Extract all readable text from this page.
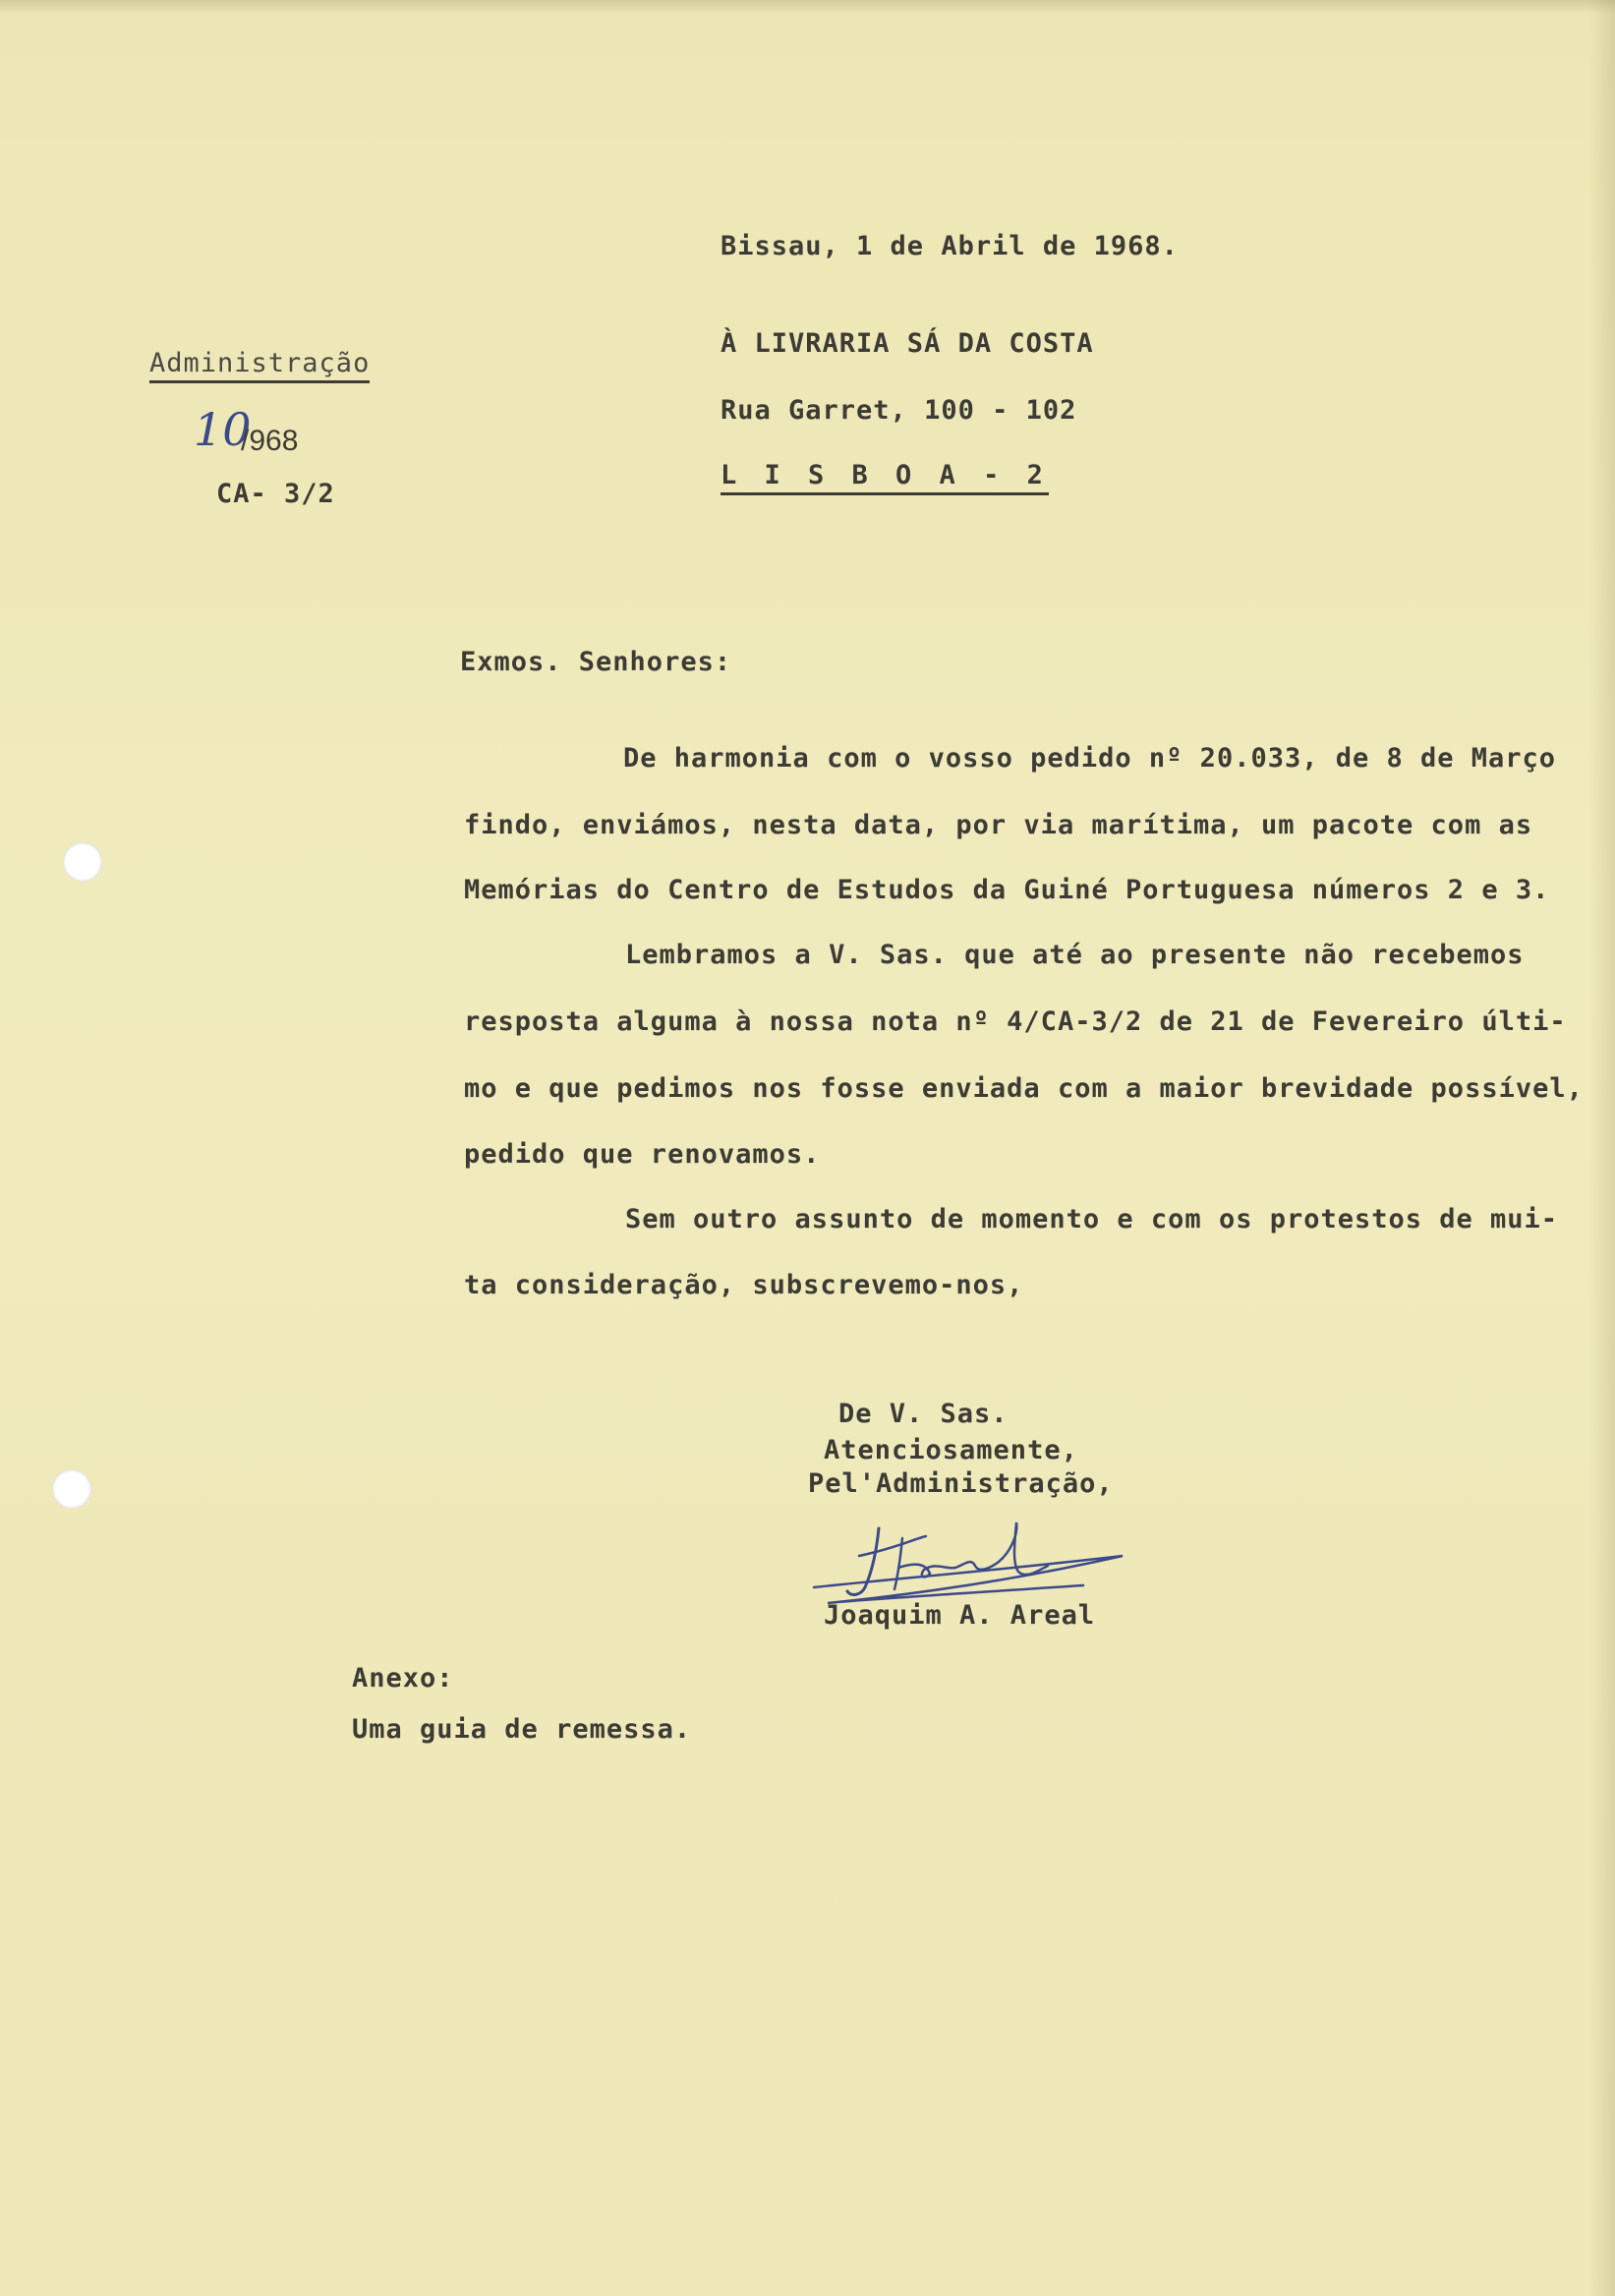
Bissau, 1 de Abril de 1968.
À LIVRARIA SÁ DA COSTA
Rua Garret, 100 - 102
L I S B O A - 2
Administração
10
/968
CA- 3/2
Exmos. Senhores:
De harmonia com o vosso pedido nº 20.033, de 8 de Março
findo, enviámos, nesta data, por via marítima, um pacote com as
Memórias do Centro de Estudos da Guiné Portuguesa números 2 e 3.
Lembramos a V. Sas. que até ao presente não recebemos
resposta alguma à nossa nota nº 4/CA-3/2 de 21 de Fevereiro últi-
mo e que pedimos nos fosse enviada com a maior brevidade possível,
pedido que renovamos.
Sem outro assunto de momento e com os protestos de mui-
ta consideração, subscrevemo-nos,
De V. Sas.
Atenciosamente,
Pel'Administração,
Joaquim A. Areal
Anexo:
Uma guia de remessa.
